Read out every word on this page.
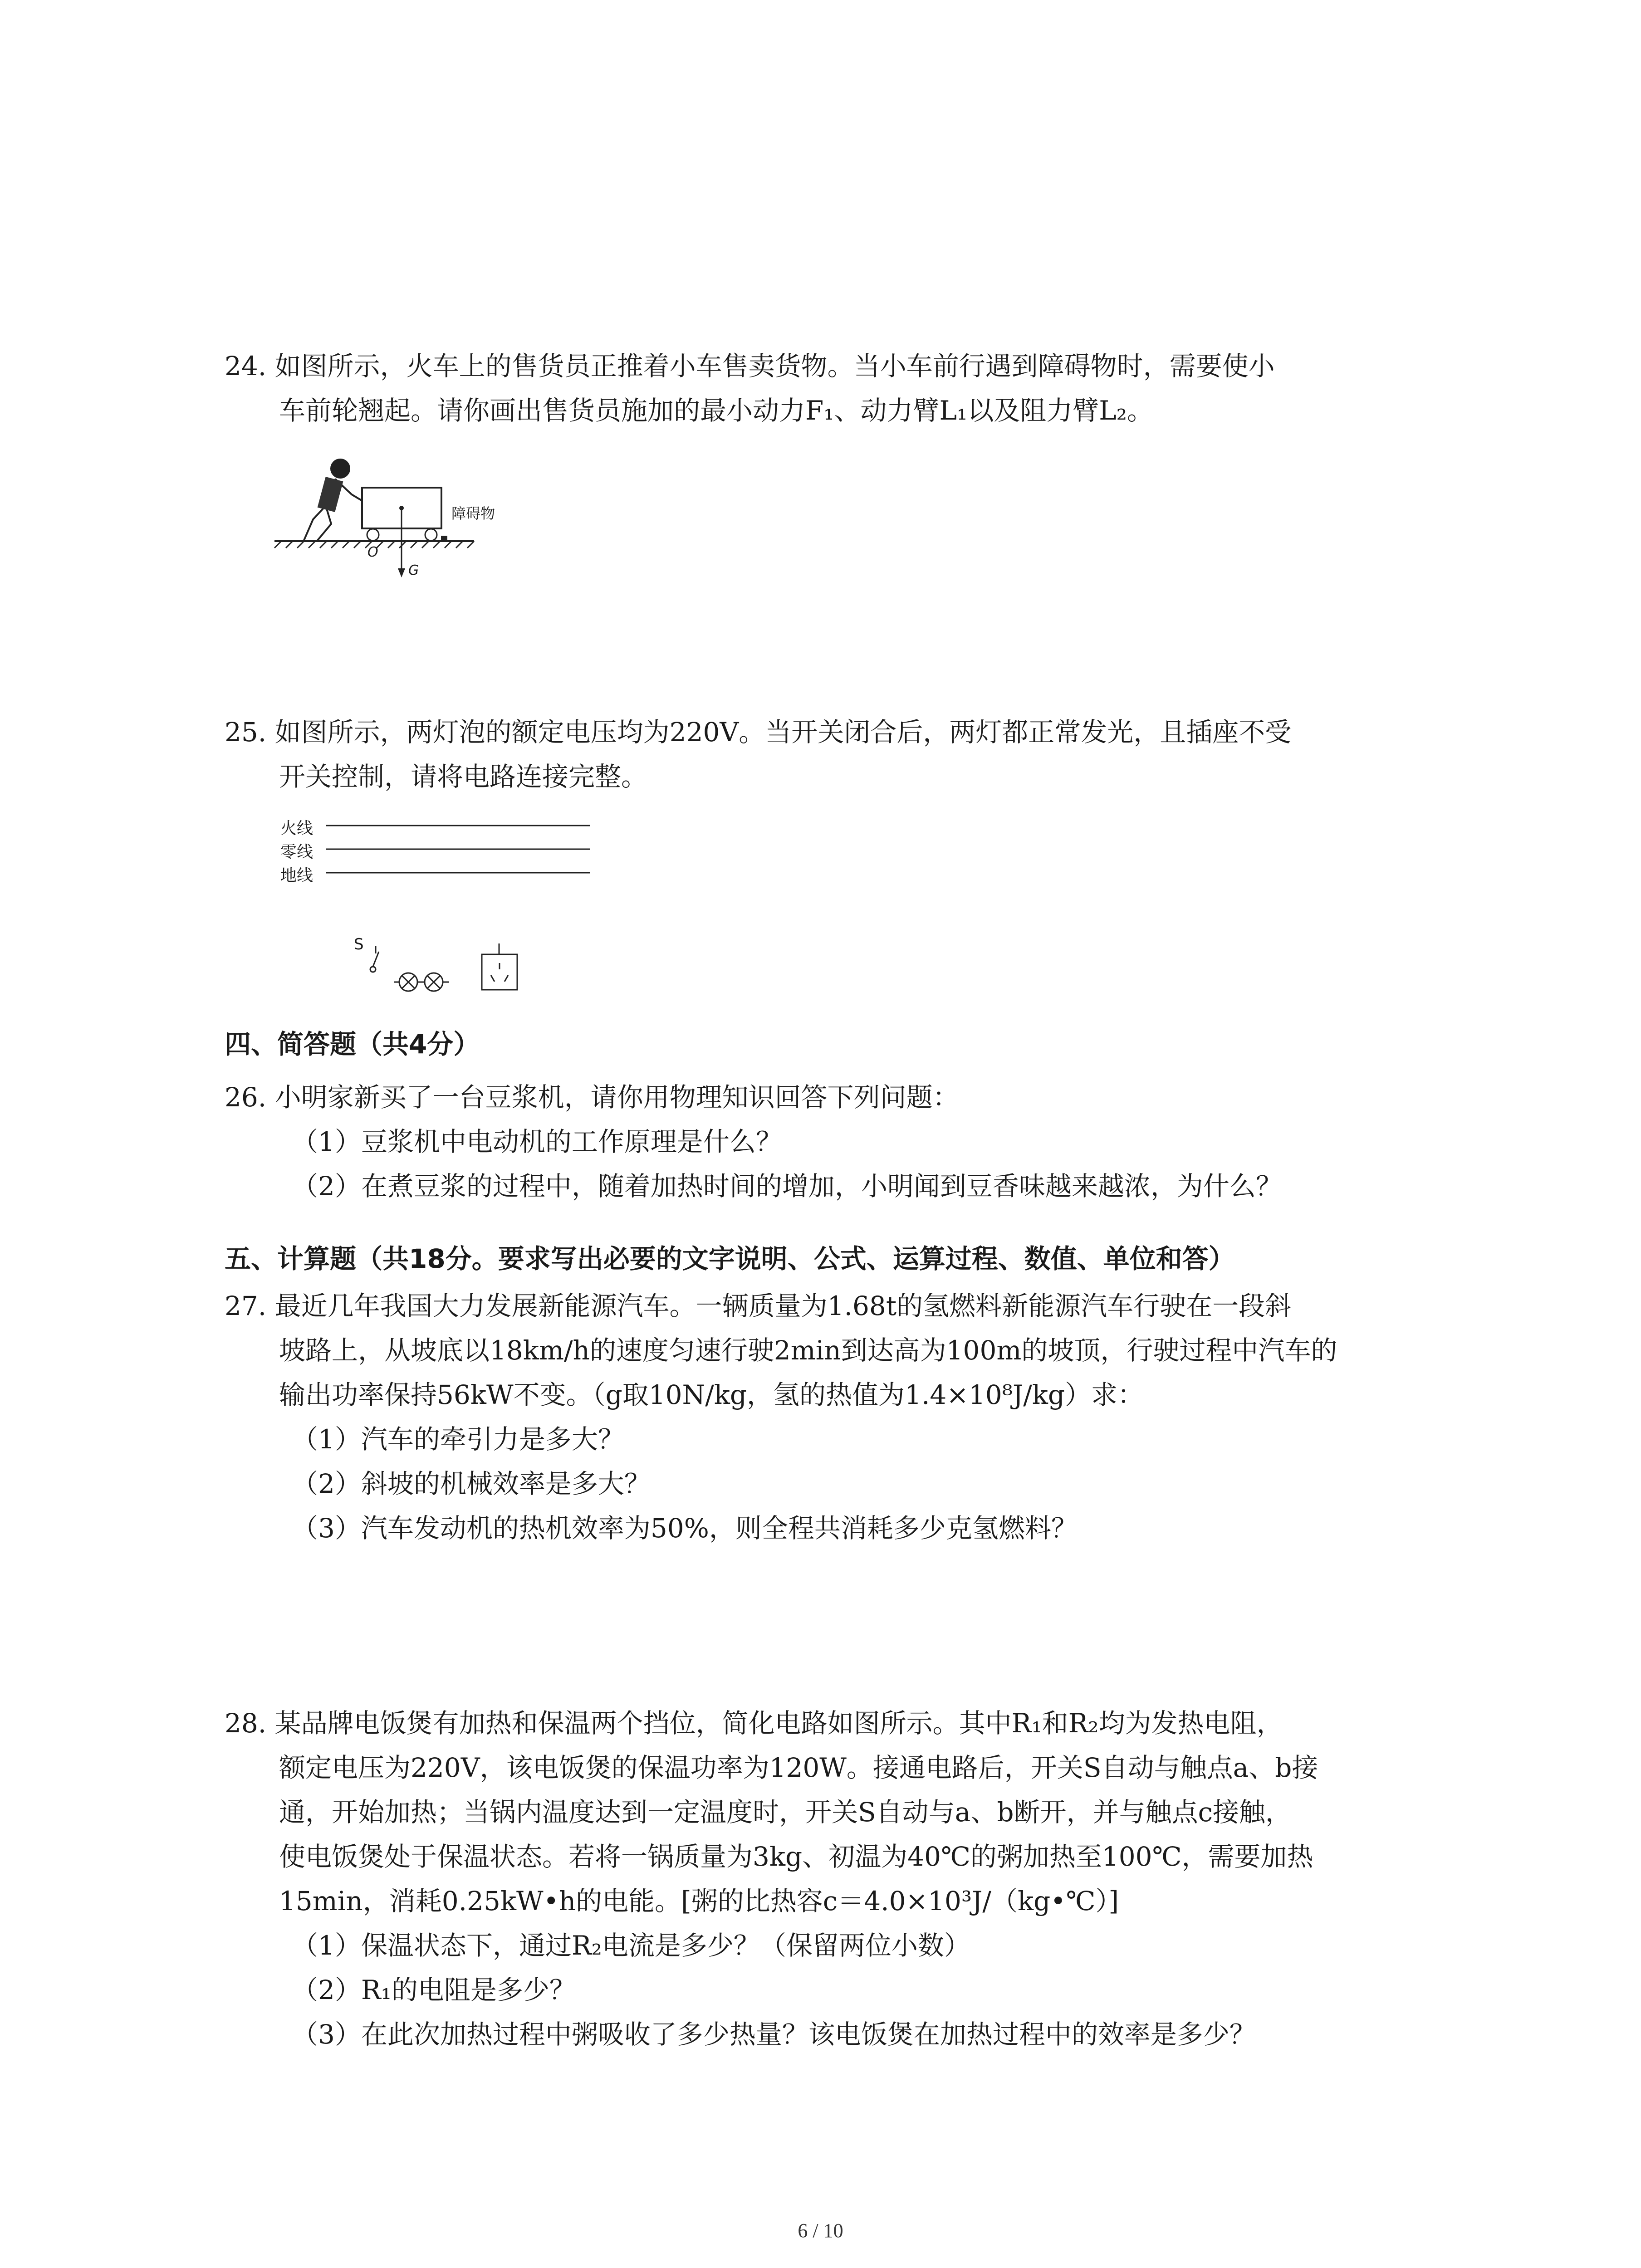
24. 如图所示，火车上的售货员正推着小车售卖货物。当小车前行遇到障碍物时，需要使小
车前轮翘起。请你画出售货员施加的最小动力F₁、动力臂L₁以及阻力臂L₂。
障碍物
O
G
25. 如图所示，两灯泡的额定电压均为220V。当开关闭合后，两灯都正常发光，且插座不受
开关控制，请将电路连接完整。
火线
零线
地线
S
四、简答题（共4分）
26. 小明家新买了一台豆浆机，请你用物理知识回答下列问题：
（1）豆浆机中电动机的工作原理是什么？
（2）在煮豆浆的过程中，随着加热时间的增加，小明闻到豆香味越来越浓，为什么？
五、计算题（共18分。要求写出必要的文字说明、公式、运算过程、数值、单位和答）
27. 最近几年我国大力发展新能源汽车。一辆质量为1.68t的氢燃料新能源汽车行驶在一段斜
坡路上，从坡底以18km/h的速度匀速行驶2min到达高为100m的坡顶，行驶过程中汽车的
输出功率保持56kW不变。（g取10N/kg，氢的热值为1.4×10⁸J/kg）求：
（1）汽车的牵引力是多大？
（2）斜坡的机械效率是多大？
（3）汽车发动机的热机效率为50%，则全程共消耗多少克氢燃料？
28. 某品牌电饭煲有加热和保温两个挡位，简化电路如图所示。其中R₁和R₂均为发热电阻，
额定电压为220V，该电饭煲的保温功率为120W。接通电路后，开关S自动与触点a、b接
通，开始加热；当锅内温度达到一定温度时，开关S自动与a、b断开，并与触点c接触，
使电饭煲处于保温状态。若将一锅质量为3kg、初温为40℃的粥加热至100℃，需要加热
15min，消耗0.25kW•h的电能。[粥的比热容c＝4.0×10³J/（kg•℃）]
（1）保温状态下，通过R₂电流是多少？（保留两位小数）
（2）R₁的电阻是多少？
（3）在此次加热过程中粥吸收了多少热量？该电饭煲在加热过程中的效率是多少？
6 / 10
